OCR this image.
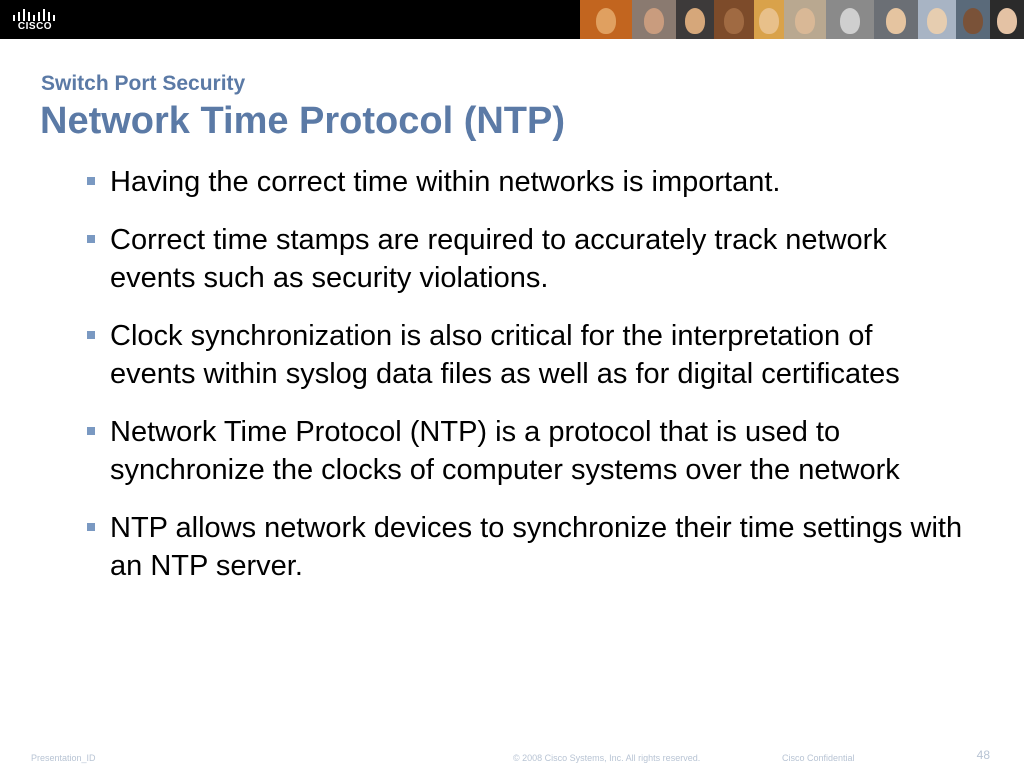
CISCO
Switch Port Security
Network Time Protocol (NTP)
Having the correct time within networks is important.
Correct time stamps are required to accurately track network events such as security violations.
Clock synchronization is also critical for the interpretation of events within syslog data files as well as for digital certificates
Network Time Protocol (NTP) is a protocol that is used to synchronize the clocks of computer systems over the network
NTP allows network devices to synchronize their time settings with an NTP server.
Presentation_ID	© 2008 Cisco Systems, Inc. All rights reserved.	Cisco Confidential	48
